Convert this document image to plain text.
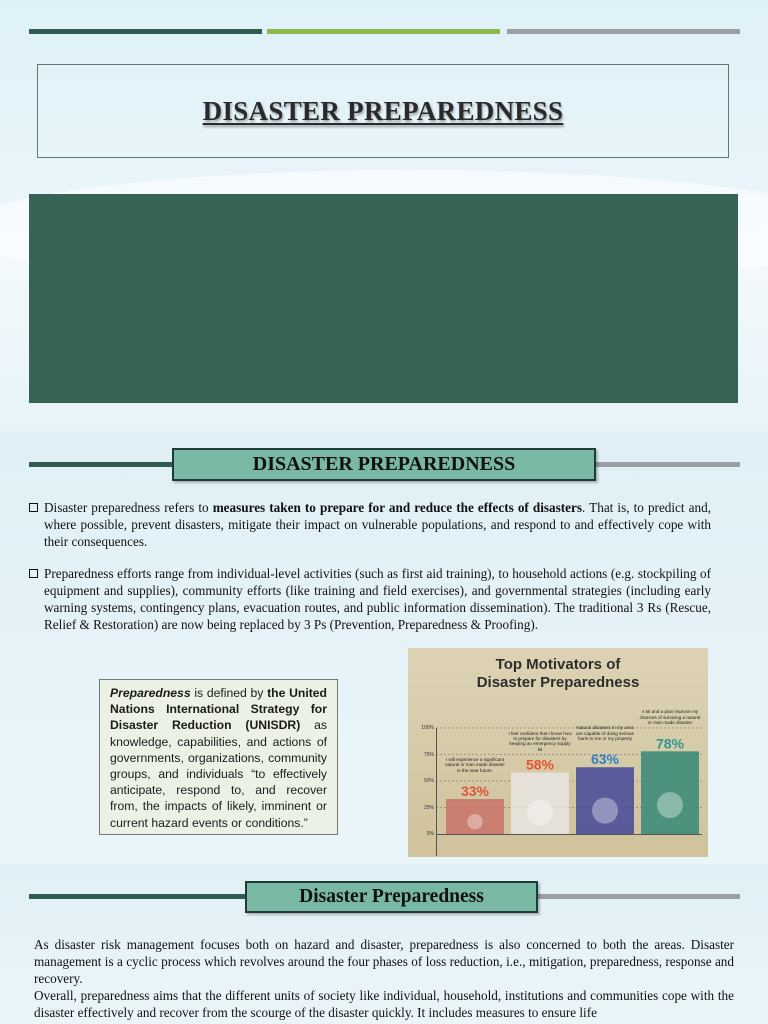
DISASTER PREPAREDNESS
DISASTER PREPAREDNESS
Disaster preparedness refers to measures taken to prepare for and reduce the effects of disasters. That is, to predict and, where possible, prevent disasters, mitigate their impact on vulnerable populations, and respond to and effectively cope with their consequences.
Preparedness efforts range from individual-level activities (such as first aid training), to household actions (e.g. stockpiling of equipment and supplies), community efforts (like training and field exercises), and governmental strategies (including early warning systems, contingency plans, evacuation routes, and public information dissemination). The traditional 3 Rs (Rescue, Relief & Restoration) are now being replaced by 3 Ps (Prevention, Preparedness & Proofing).
Preparedness is defined by the United Nations International Strategy for Disaster Reduction (UNISDR) as knowledge, capabilities, and actions of governments, organizations, community groups, and individuals “to effectively anticipate, respond to, and recover from, the impacts of likely, imminent or current hazard events or conditions.”
Top Motivators of
Disaster Preparedness
100%
75%
50%
25%
0%
33%
58%	63%
78%
I will experience a significant natural or man made disaster in the near future.
I feel confident that I know how to prepare for disasters by keeping an emergency supply kit
Natural disasters in my area are capable of doing serious harm to me or my property
A kit and a plan improve my chances of surviving a natural or man made disaster
Disaster Preparedness
As disaster risk management focuses both on hazard and disaster, preparedness is also concerned to both the areas. Disaster management is a cyclic process which revolves around the four phases of loss reduction, i.e., mitigation, preparedness, response and recovery.
Overall, preparedness aims that the different units of society like individual, household, institutions and communities cope with the disaster effectively and recover from the scourge of the disaster quickly. It includes measures to ensure life
